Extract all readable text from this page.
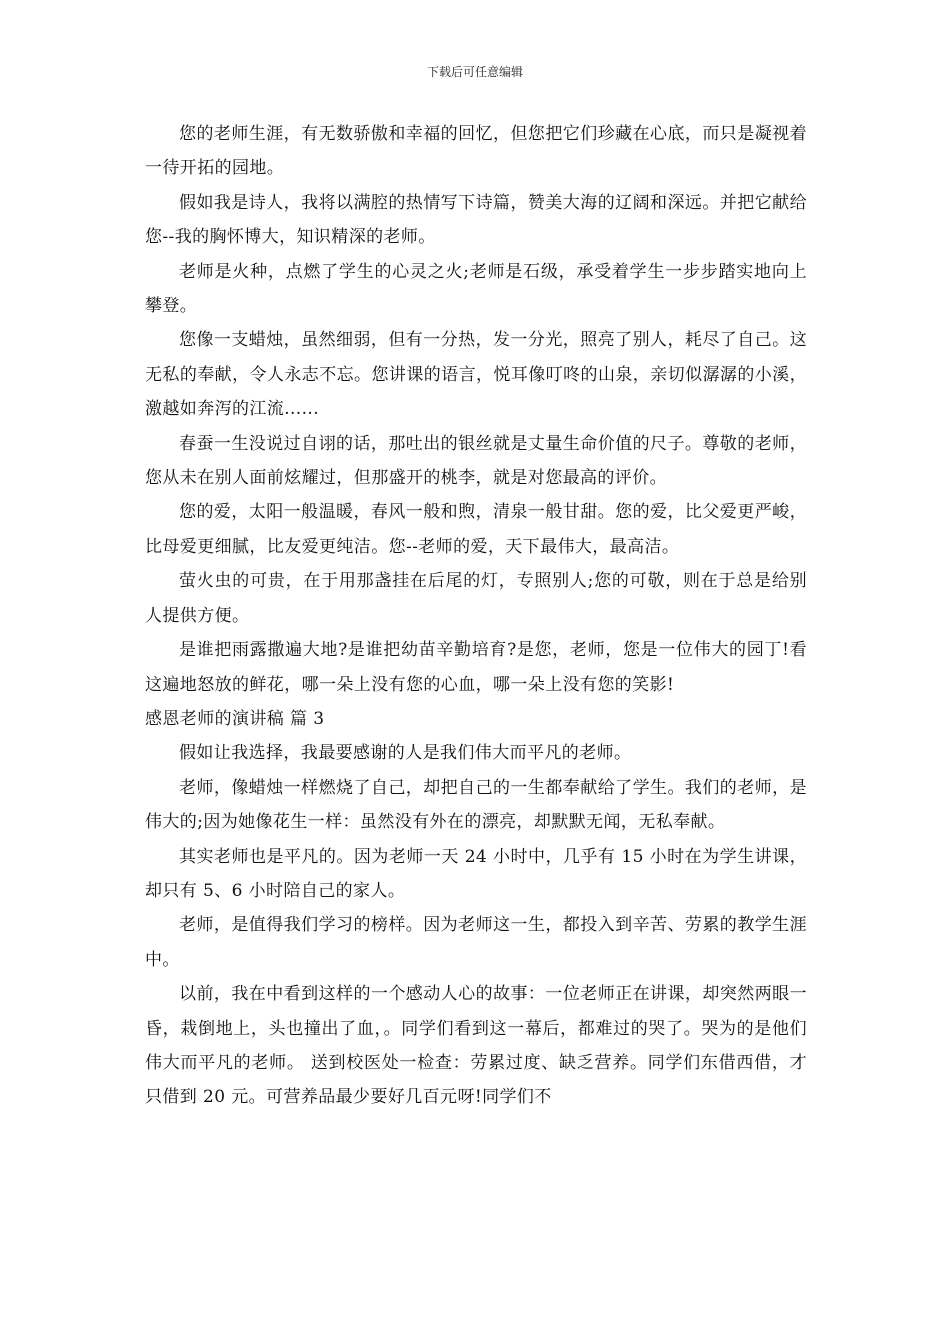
下载后可任意编辑

您的老师生涯，有无数骄傲和幸福的回忆，但您把它们珍藏在心底，而只是凝视着一待开拓的园地。

假如我是诗人，我将以满腔的热情写下诗篇，赞美大海的辽阔和深远。并把它献给您--我的胸怀博大，知识精深的老师。

老师是火种，点燃了学生的心灵之火;老师是石级，承受着学生一步步踏实地向上攀登。

您像一支蜡烛，虽然细弱，但有一分热，发一分光，照亮了别人，耗尽了自己。这无私的奉献，令人永志不忘。您讲课的语言，悦耳像叮咚的山泉，亲切似潺潺的小溪，激越如奔泻的江流......

春蚕一生没说过自诩的话，那吐出的银丝就是丈量生命价值的尺子。尊敬的老师，您从未在别人面前炫耀过，但那盛开的桃李，就是对您最高的评价。

您的爱，太阳一般温暖，春风一般和煦，清泉一般甘甜。您的爱，比父爱更严峻，比母爱更细腻，比友爱更纯洁。您--老师的爱，天下最伟大，最高洁。

萤火虫的可贵，在于用那盏挂在后尾的灯，专照别人;您的可敬，则在于总是给别人提供方便。

是谁把雨露撒遍大地?是谁把幼苗辛勤培育?是您，老师，您是一位伟大的园丁!看这遍地怒放的鲜花，哪一朵上没有您的心血，哪一朵上没有您的笑影!

感恩老师的演讲稿 篇 3

假如让我选择，我最要感谢的人是我们伟大而平凡的老师。

老师，像蜡烛一样燃烧了自己，却把自己的一生都奉献给了学生。我们的老师，是伟大的;因为她像花生一样：虽然没有外在的漂亮，却默默无闻，无私奉献。

其实老师也是平凡的。因为老师一天 24 小时中，几乎有 15 小时在为学生讲课，却只有 5、6 小时陪自己的家人。

老师，是值得我们学习的榜样。因为老师这一生，都投入到辛苦、劳累的教学生涯中。

以前，我在中看到这样的一个感动人心的故事：一位老师正在讲课，却突然两眼一昏，栽倒地上，头也撞出了血，。同学们看到这一幕后，都难过的哭了。哭为的是他们伟大而平凡的老师。 送到校医处一检查：劳累过度、缺乏营养。同学们东借西借，才只借到 20 元。可营养品最少要好几百元呀!同学们不
